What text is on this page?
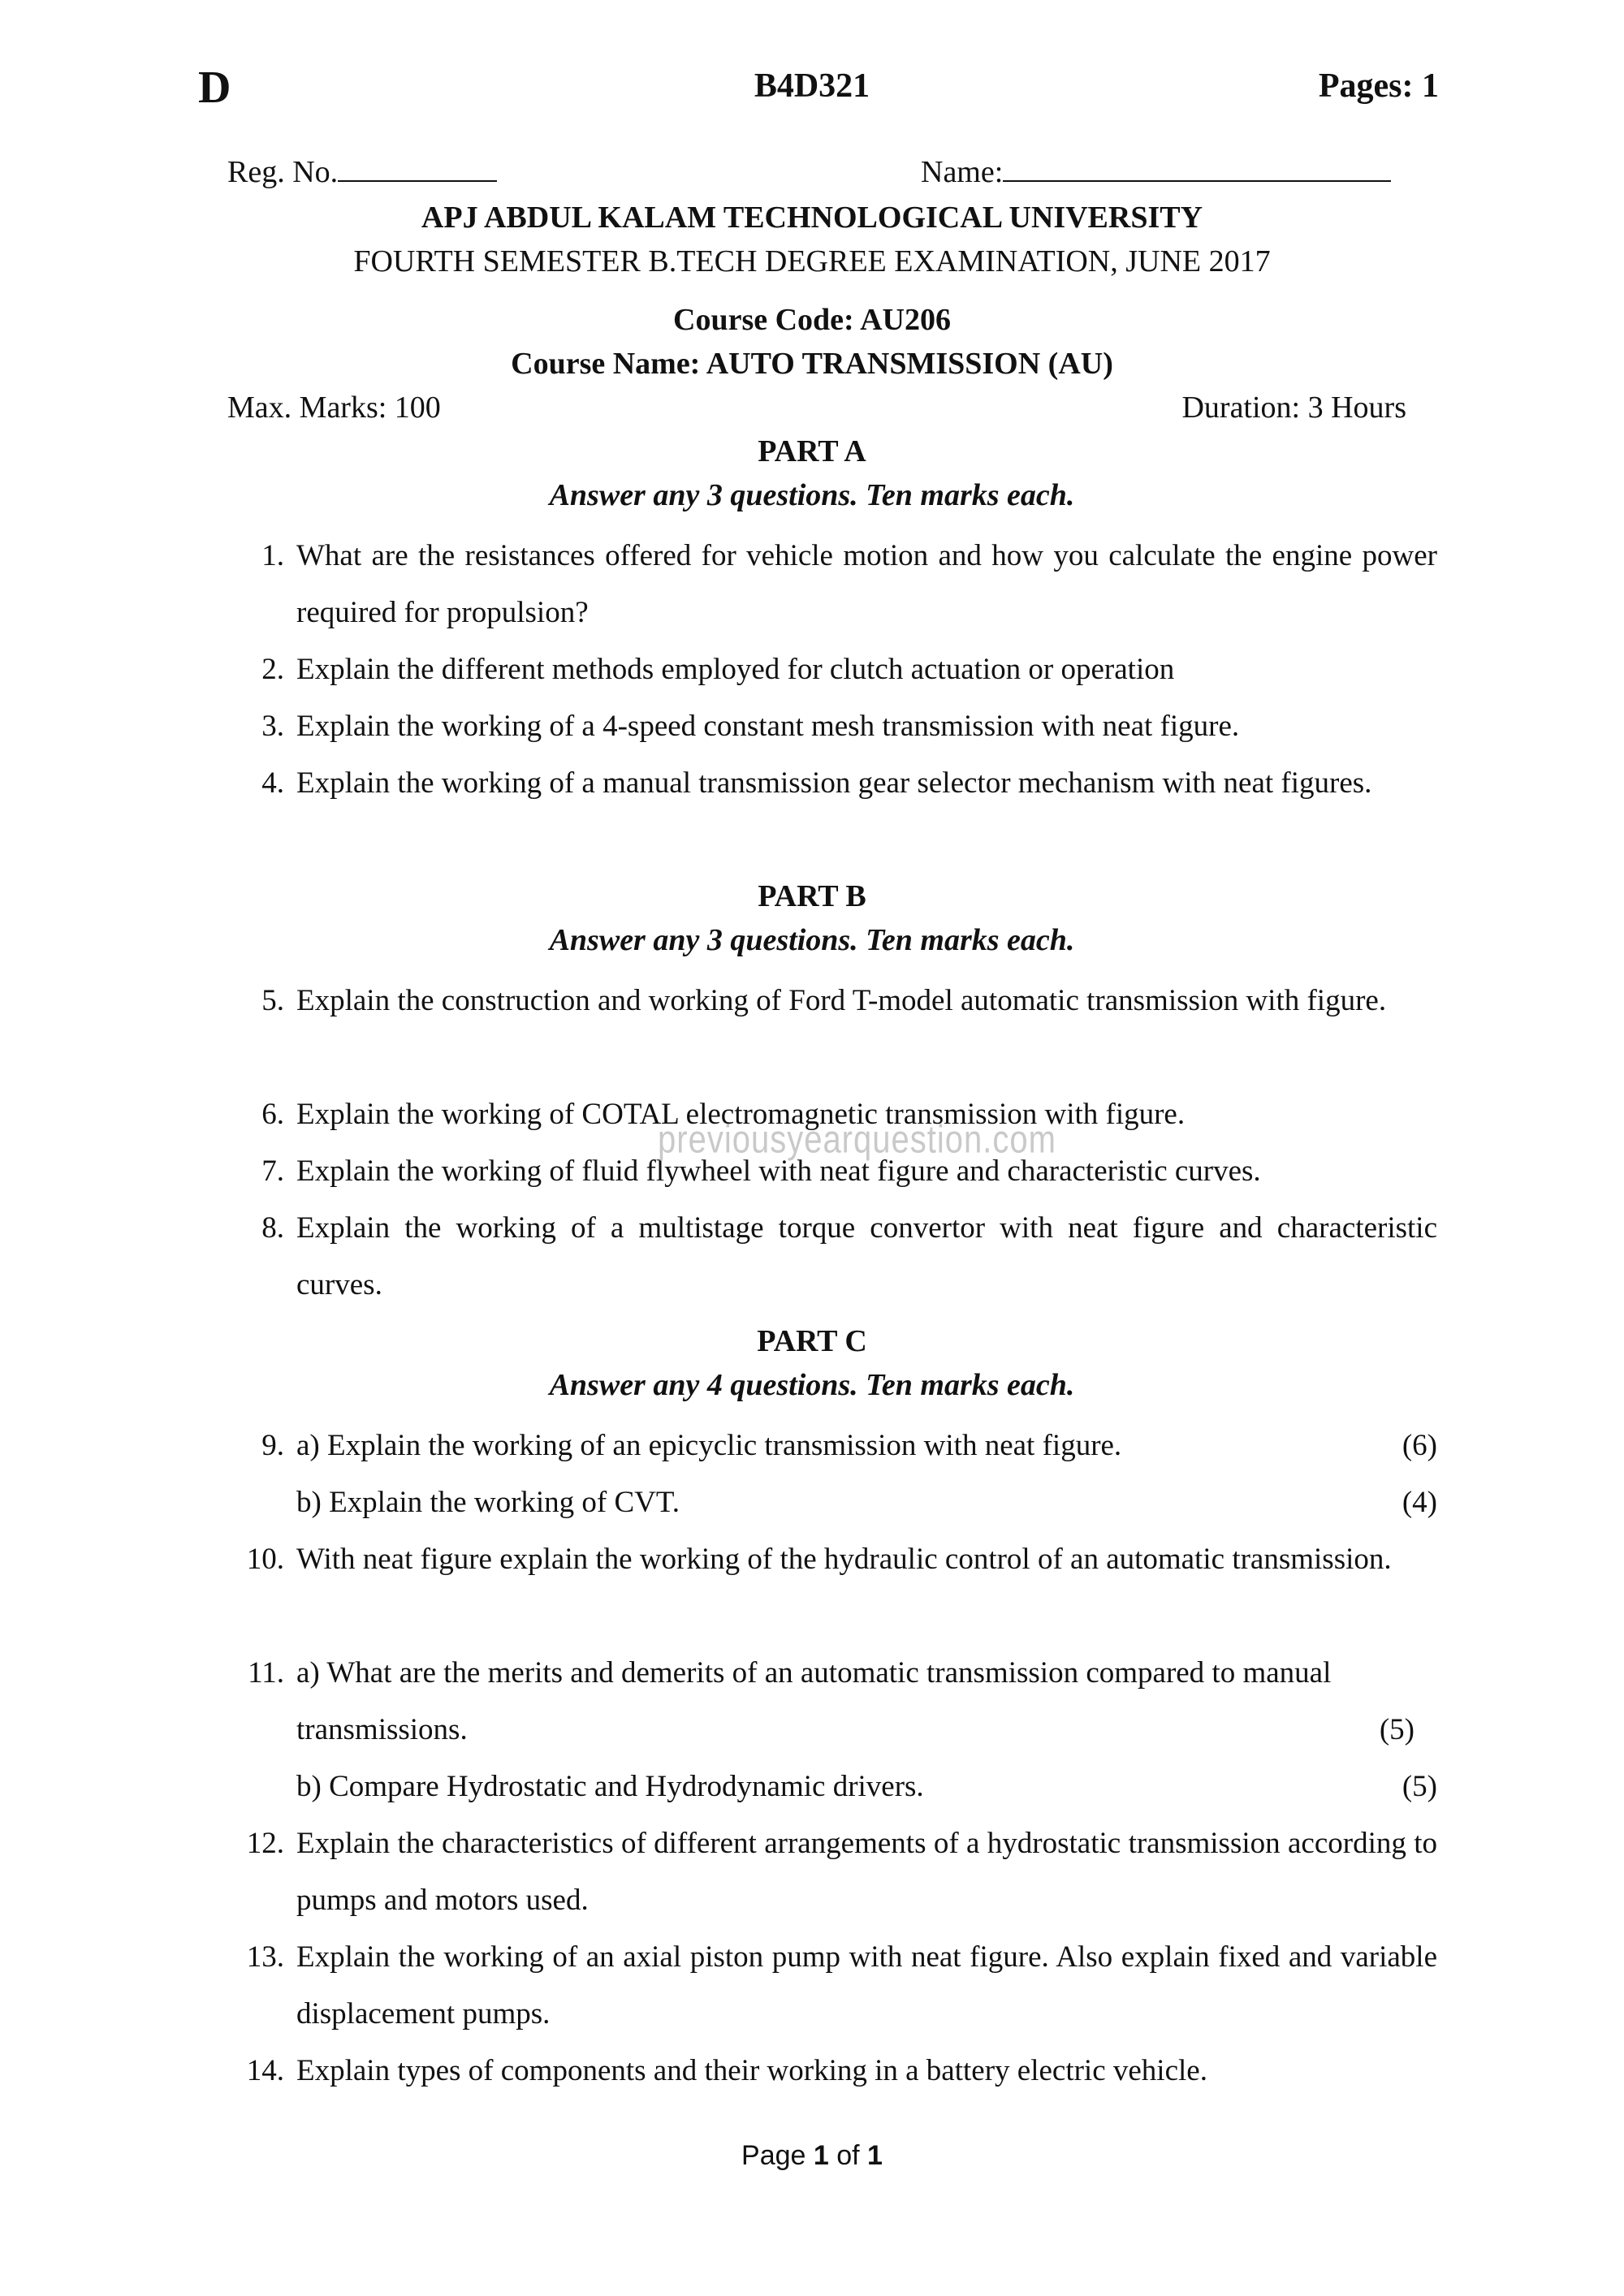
D	B4D321	Pages: 1
Reg. No.	Name:
APJ ABDUL KALAM TECHNOLOGICAL UNIVERSITY
FOURTH SEMESTER B.TECH DEGREE EXAMINATION, JUNE 2017
Course Code: AU206
Course Name: AUTO TRANSMISSION (AU)
Max. Marks: 100	Duration: 3 Hours
PART A
Answer any 3 questions. Ten marks each.
1. What are the resistances offered for vehicle motion and how you calculate the engine power required for propulsion?
2. Explain the different methods employed for clutch actuation or operation
3. Explain the working of a 4-speed constant mesh transmission with neat figure.
4. Explain the working of a manual transmission gear selector mechanism with neat figures.
PART B
Answer any 3 questions. Ten marks each.
5. Explain the construction and working of Ford T-model automatic transmission with figure.
6. Explain the working of COTAL electromagnetic transmission with figure.
7. Explain the working of fluid flywheel with neat figure and characteristic curves.
8. Explain the working of a multistage torque convertor with neat figure and characteristic curves.
previousyearquestion.com
PART C
Answer any 4 questions. Ten marks each.
9. a) Explain the working of an epicyclic transmission with neat figure.	(6)
b) Explain the working of CVT.	(4)
10. With neat figure explain the working of the hydraulic control of an automatic transmission.
11. a) What are the merits and demerits of an automatic transmission compared to manual
transmissions.	(5)
b) Compare Hydrostatic and Hydrodynamic drivers.	(5)
12. Explain the characteristics of different arrangements of a hydrostatic transmission according to pumps and motors used.
13. Explain the working of an axial piston pump with neat figure. Also explain fixed and variable displacement pumps.
14. Explain types of components and their working in a battery electric vehicle.
Page 1 of 1
